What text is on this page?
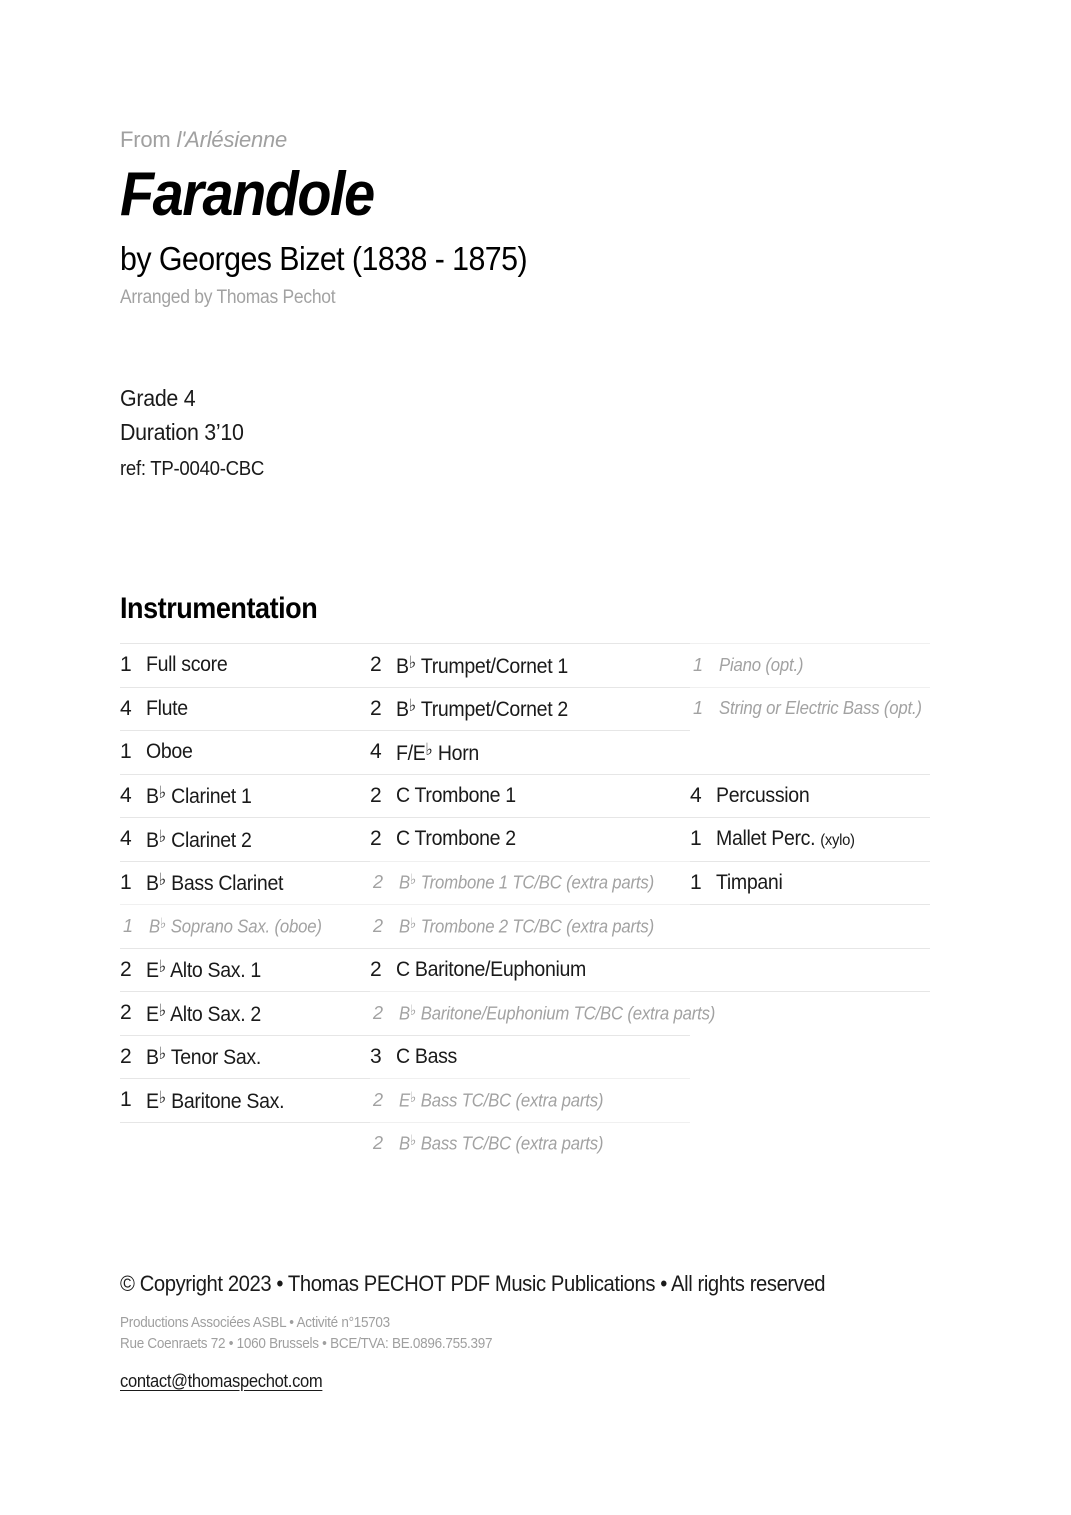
From l'Arlésienne
Farandole
by Georges Bizet (1838 - 1875)
Arranged by Thomas Pechot
Grade 4
Duration 3’10
ref: TP-0040-CBC
Instrumentation
1 Full score
4 Flute
1 Oboe
4 B♭ Clarinet 1
4 B♭ Clarinet 2
1 B♭ Bass Clarinet
1 B♭ Soprano Sax. (oboe)
2 E♭ Alto Sax. 1
2 E♭ Alto Sax. 2
2 B♭ Tenor Sax.
1 E♭ Baritone Sax.
2 B♭ Trumpet/Cornet 1
2 B♭ Trumpet/Cornet 2
4 F/E♭ Horn
2 C Trombone 1
2 C Trombone 2
2 B♭ Trombone 1 TC/BC (extra parts)
2 B♭ Trombone 2 TC/BC (extra parts)
2 C Baritone/Euphonium
2 B♭ Baritone/Euphonium TC/BC (extra parts)
3 C Bass
2 E♭ Bass TC/BC (extra parts)
2 B♭ Bass TC/BC (extra parts)
1 Piano (opt.)
1 String or Electric Bass (opt.)
4 Percussion
1 Mallet Perc. (xylo)
1 Timpani
© Copyright 2023 • Thomas PECHOT PDF Music Publications • All rights reserved
Productions Associées ASBL • Activité n°15703
Rue Coenraets 72 • 1060 Brussels • BCE/TVA: BE.0896.755.397
contact@thomaspechot.com
